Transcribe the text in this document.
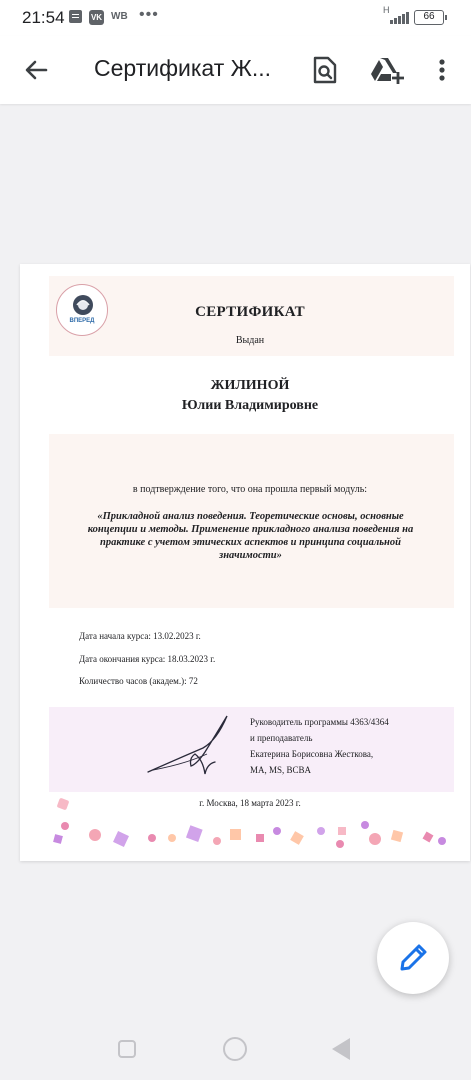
21:54	VK WB •••	H
66
Сертификат Ж...
ВПЕРЕД
СЕРТИФИКАТ
Выдан
ЖИЛИНОЙ
Юлии Владимировне
в подтверждение того, что она прошла первый модуль:
«Прикладной анализ поведения. Теоретические основы, основные концепции и методы. Применение прикладного анализа поведения на практике с учетом этических аспектов и принципа социальной значимости»
Дата начала курса: 13.02.2023 г.
Дата окончания курса: 18.03.2023 г.
Количество часов (академ.): 72
Руководитель программы 4363/4364
и преподаватель
Екатерина Борисовна Жесткова,
MA, MS, BCBA
г. Москва, 18 марта 2023 г.
